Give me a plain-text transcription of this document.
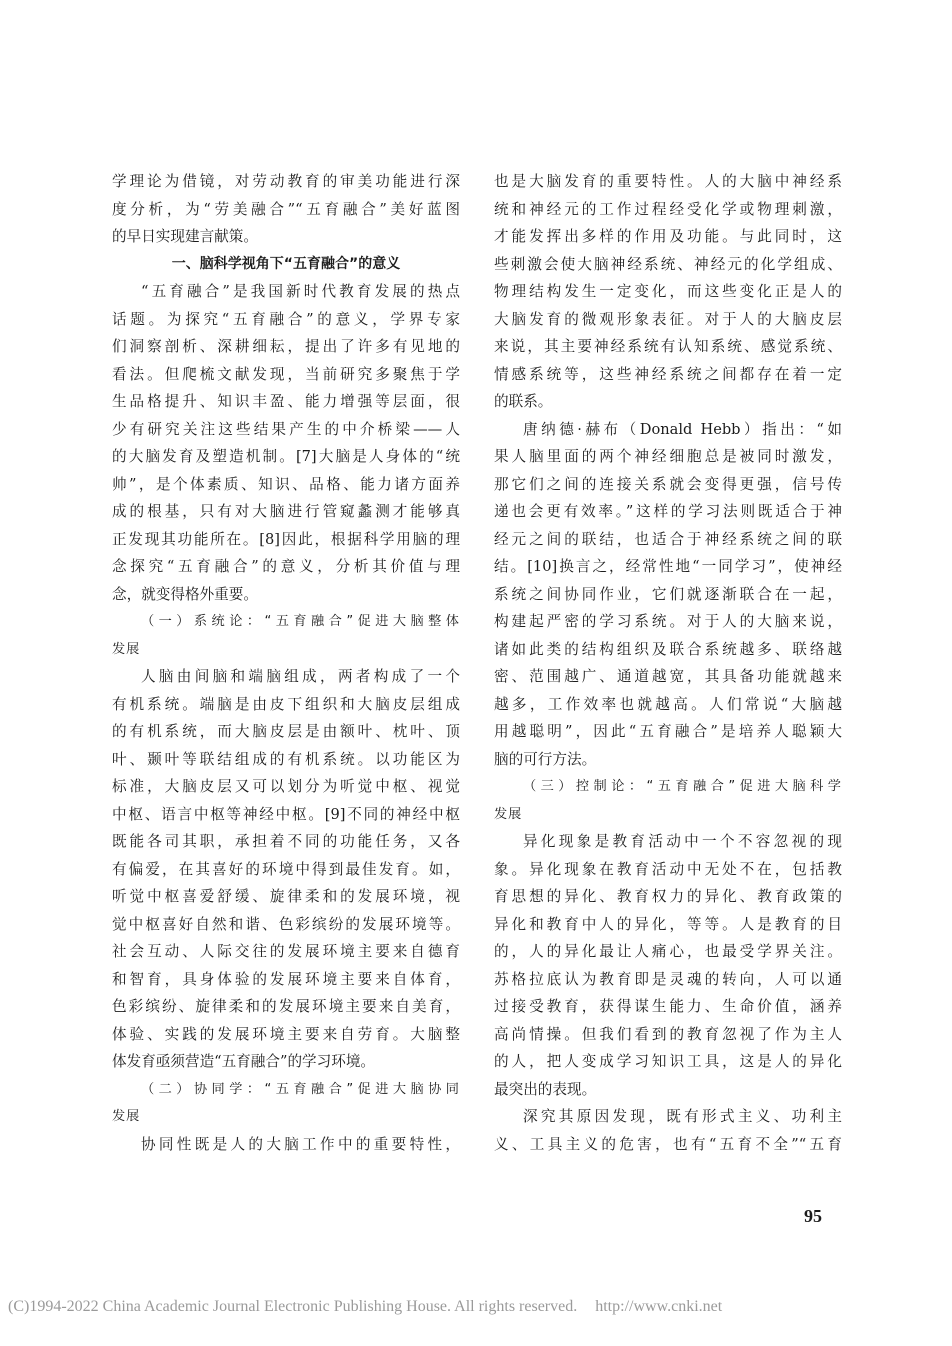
学理论为借镜，对劳动教育的审美功能进行深
度分析，为“劳美融合”“五育融合”美好蓝图
的早日实现建言献策。
一、脑科学视角下“五育融合”的意义
“五育融合”是我国新时代教育发展的热点
话题。为探究“五育融合”的意义，学界专家
们洞察剖析、深耕细耘，提出了许多有见地的
看法。但爬梳文献发现，当前研究多聚焦于学
生品格提升、知识丰盈、能力增强等层面，很
少有研究关注这些结果产生的中介桥梁——人
的大脑发育及塑造机制。[7]大脑是人身体的“统
帅”，是个体素质、知识、品格、能力诸方面养
成的根基，只有对大脑进行管窥蠡测才能够真
正发现其功能所在。[8]因此，根据科学用脑的理
念探究“五育融合”的意义，分析其价值与理
念，就变得格外重要。
（一）系统论：“五育融合”促进大脑整体
发展
人脑由间脑和端脑组成，两者构成了一个
有机系统。端脑是由皮下组织和大脑皮层组成
的有机系统，而大脑皮层是由额叶、枕叶、顶
叶、颞叶等联结组成的有机系统。以功能区为
标准，大脑皮层又可以划分为听觉中枢、视觉
中枢、语言中枢等神经中枢。[9]不同的神经中枢
既能各司其职，承担着不同的功能任务，又各
有偏爱，在其喜好的环境中得到最佳发育。如，
听觉中枢喜爱舒缓、旋律柔和的发展环境，视
觉中枢喜好自然和谐、色彩缤纷的发展环境等。
社会互动、人际交往的发展环境主要来自德育
和智育，具身体验的发展环境主要来自体育，
色彩缤纷、旋律柔和的发展环境主要来自美育，
体验、实践的发展环境主要来自劳育。大脑整
体发育亟须营造“五育融合”的学习环境。
（二）协同学：“五育融合”促进大脑协同
发展
协同性既是人的大脑工作中的重要特性，
也是大脑发育的重要特性。人的大脑中神经系
统和神经元的工作过程经受化学或物理刺激，
才能发挥出多样的作用及功能。与此同时，这
些刺激会使大脑神经系统、神经元的化学组成、
物理结构发生一定变化，而这些变化正是人的
大脑发育的微观形象表征。对于人的大脑皮层
来说，其主要神经系统有认知系统、感觉系统、
情感系统等，这些神经系统之间都存在着一定
的联系。
唐纳德·赫布（Donald Hebb）指出：“如
果人脑里面的两个神经细胞总是被同时激发，
那它们之间的连接关系就会变得更强，信号传
递也会更有效率。”这样的学习法则既适合于神
经元之间的联结，也适合于神经系统之间的联
结。[10]换言之，经常性地“一同学习”，使神经
系统之间协同作业，它们就逐渐联合在一起，
构建起严密的学习系统。对于人的大脑来说，
诸如此类的结构组织及联合系统越多、联络越
密、范围越广、通道越宽，其具备功能就越来
越多，工作效率也就越高。人们常说“大脑越
用越聪明”，因此“五育融合”是培养人聪颖大
脑的可行方法。
（三）控制论：“五育融合”促进大脑科学
发展
异化现象是教育活动中一个不容忽视的现
象。异化现象在教育活动中无处不在，包括教
育思想的异化、教育权力的异化、教育政策的
异化和教育中人的异化，等等。人是教育的目
的，人的异化最让人痛心，也最受学界关注。
苏格拉底认为教育即是灵魂的转向，人可以通
过接受教育，获得谋生能力、生命价值，涵养
高尚情操。但我们看到的教育忽视了作为主人
的人，把人变成学习知识工具，这是人的异化
最突出的表现。
深究其原因发现，既有形式主义、功利主
义、工具主义的危害，也有“五育不全”“五育
95
(C)1994-2022 China Academic Journal Electronic Publishing House. All rights reserved. http://www.cnki.net
